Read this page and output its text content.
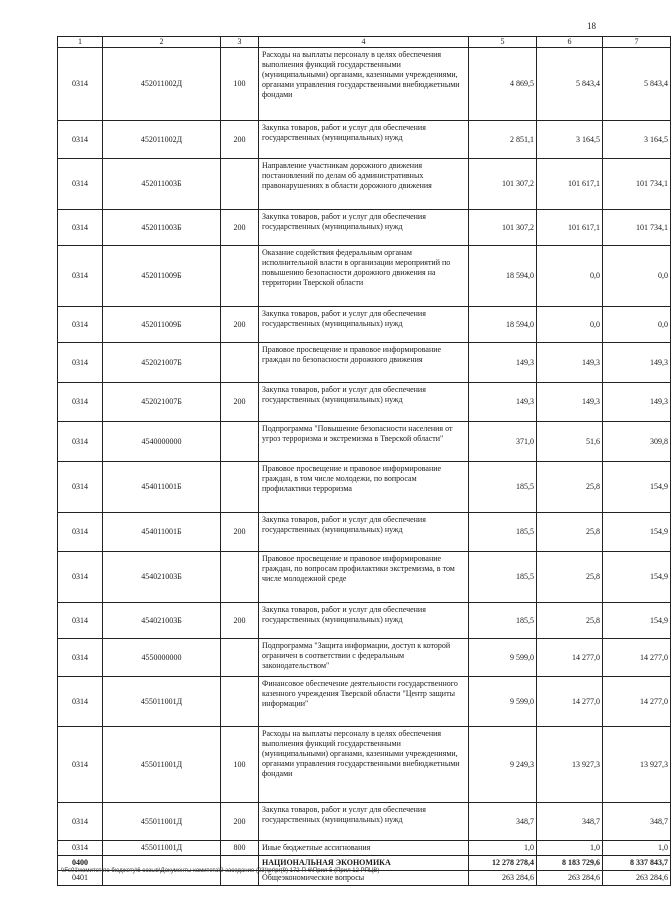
18
1	2	3	4	5	6	7
0314	452011002Д	100	Расходы на выплаты персоналу в целях обеспечения выполнения функций государственными (муниципальными) органами, казенными учреждениями, органами управления государственными внебюджетными фондами	4 869,5	5 843,4	5 843,4
0314	452011002Д	200	Закупка товаров, работ и услуг для обеспечения государственных (муниципальных) нужд	2 851,1	3 164,5	3 164,5
0314	452011003Б		Направление участникам дорожного движения постановлений по делам об административных правонарушениях в области дорожного движения	101 307,2	101 617,1	101 734,1
0314	452011003Б	200	Закупка товаров, работ и услуг для обеспечения государственных (муниципальных) нужд	101 307,2	101 617,1	101 734,1
0314	452011009Б		Оказание содействия федеральным органам исполнительной власти в организации мероприятий по повышению безопасности дорожного движения на территории Тверской области	18 594,0	0,0	0,0
0314	452011009Б	200	Закупка товаров, работ и услуг для обеспечения государственных (муниципальных) нужд	18 594,0	0,0	0,0
0314	452021007Б		Правовое просвещение и правовое информирование граждан по безопасности дорожного движения	149,3	149,3	149,3
0314	452021007Б	200	Закупка товаров, работ и услуг для обеспечения государственных (муниципальных) нужд	149,3	149,3	149,3
0314	4540000000		Подпрограмма "Повышение безопасности населения от угроз терроризма и экстремизма в Тверской области"	371,0	51,6	309,8
0314	454011001Б		Правовое просвещение и правовое информирование граждан, в том числе молодежи, по вопросам профилактики терроризма	185,5	25,8	154,9
0314	454011001Б	200	Закупка товаров, работ и услуг для обеспечения государственных (муниципальных) нужд	185,5	25,8	154,9
0314	454021003Б		Правовое просвещение и правовое информирование граждан, по вопросам профилактики экстремизма, в том числе молодежной среде	185,5	25,8	154,9
0314	454021003Б	200	Закупка товаров, работ и услуг для обеспечения государственных (муниципальных) нужд	185,5	25,8	154,9
0314	4550000000		Подпрограмма "Защита информации, доступ к которой ограничен в соответствии с федеральным законодательством"	9 599,0	14 277,0	14 277,0
0314	455011001Д		Финансовое обеспечение деятельности государственного казенного учреждения Тверской области "Центр защиты информации"	9 599,0	14 277,0	14 277,0
0314	455011001Д	100	Расходы на выплаты персоналу в целях обеспечения выполнения функций государственными (муниципальными) органами, казенными учреждениями, органами управления государственными внебюджетными фондами	9 249,3	13 927,3	13 927,3
0314	455011001Д	200	Закупка товаров, работ и услуг для обеспечения государственных (муниципальных) нужд	348,7	348,7	348,7
0314	455011001Д	800	Иные бюджетные ассигнования	1,0	1,0	1,0
0400			НАЦИОНАЛЬНАЯ ЭКОНОМИКА	12 278 278,4	8 183 729,6	8 337 843,7
0401			Общеэкономические вопросы	263 284,6	263 284,6	263 284,6
\\Fs01\комитет по бюджету\6 созыв\Документы комитета\9 заседание (23)\pr\pr(9) 172-П-6\Прил 5 (Прил 12 РПЦВ)
